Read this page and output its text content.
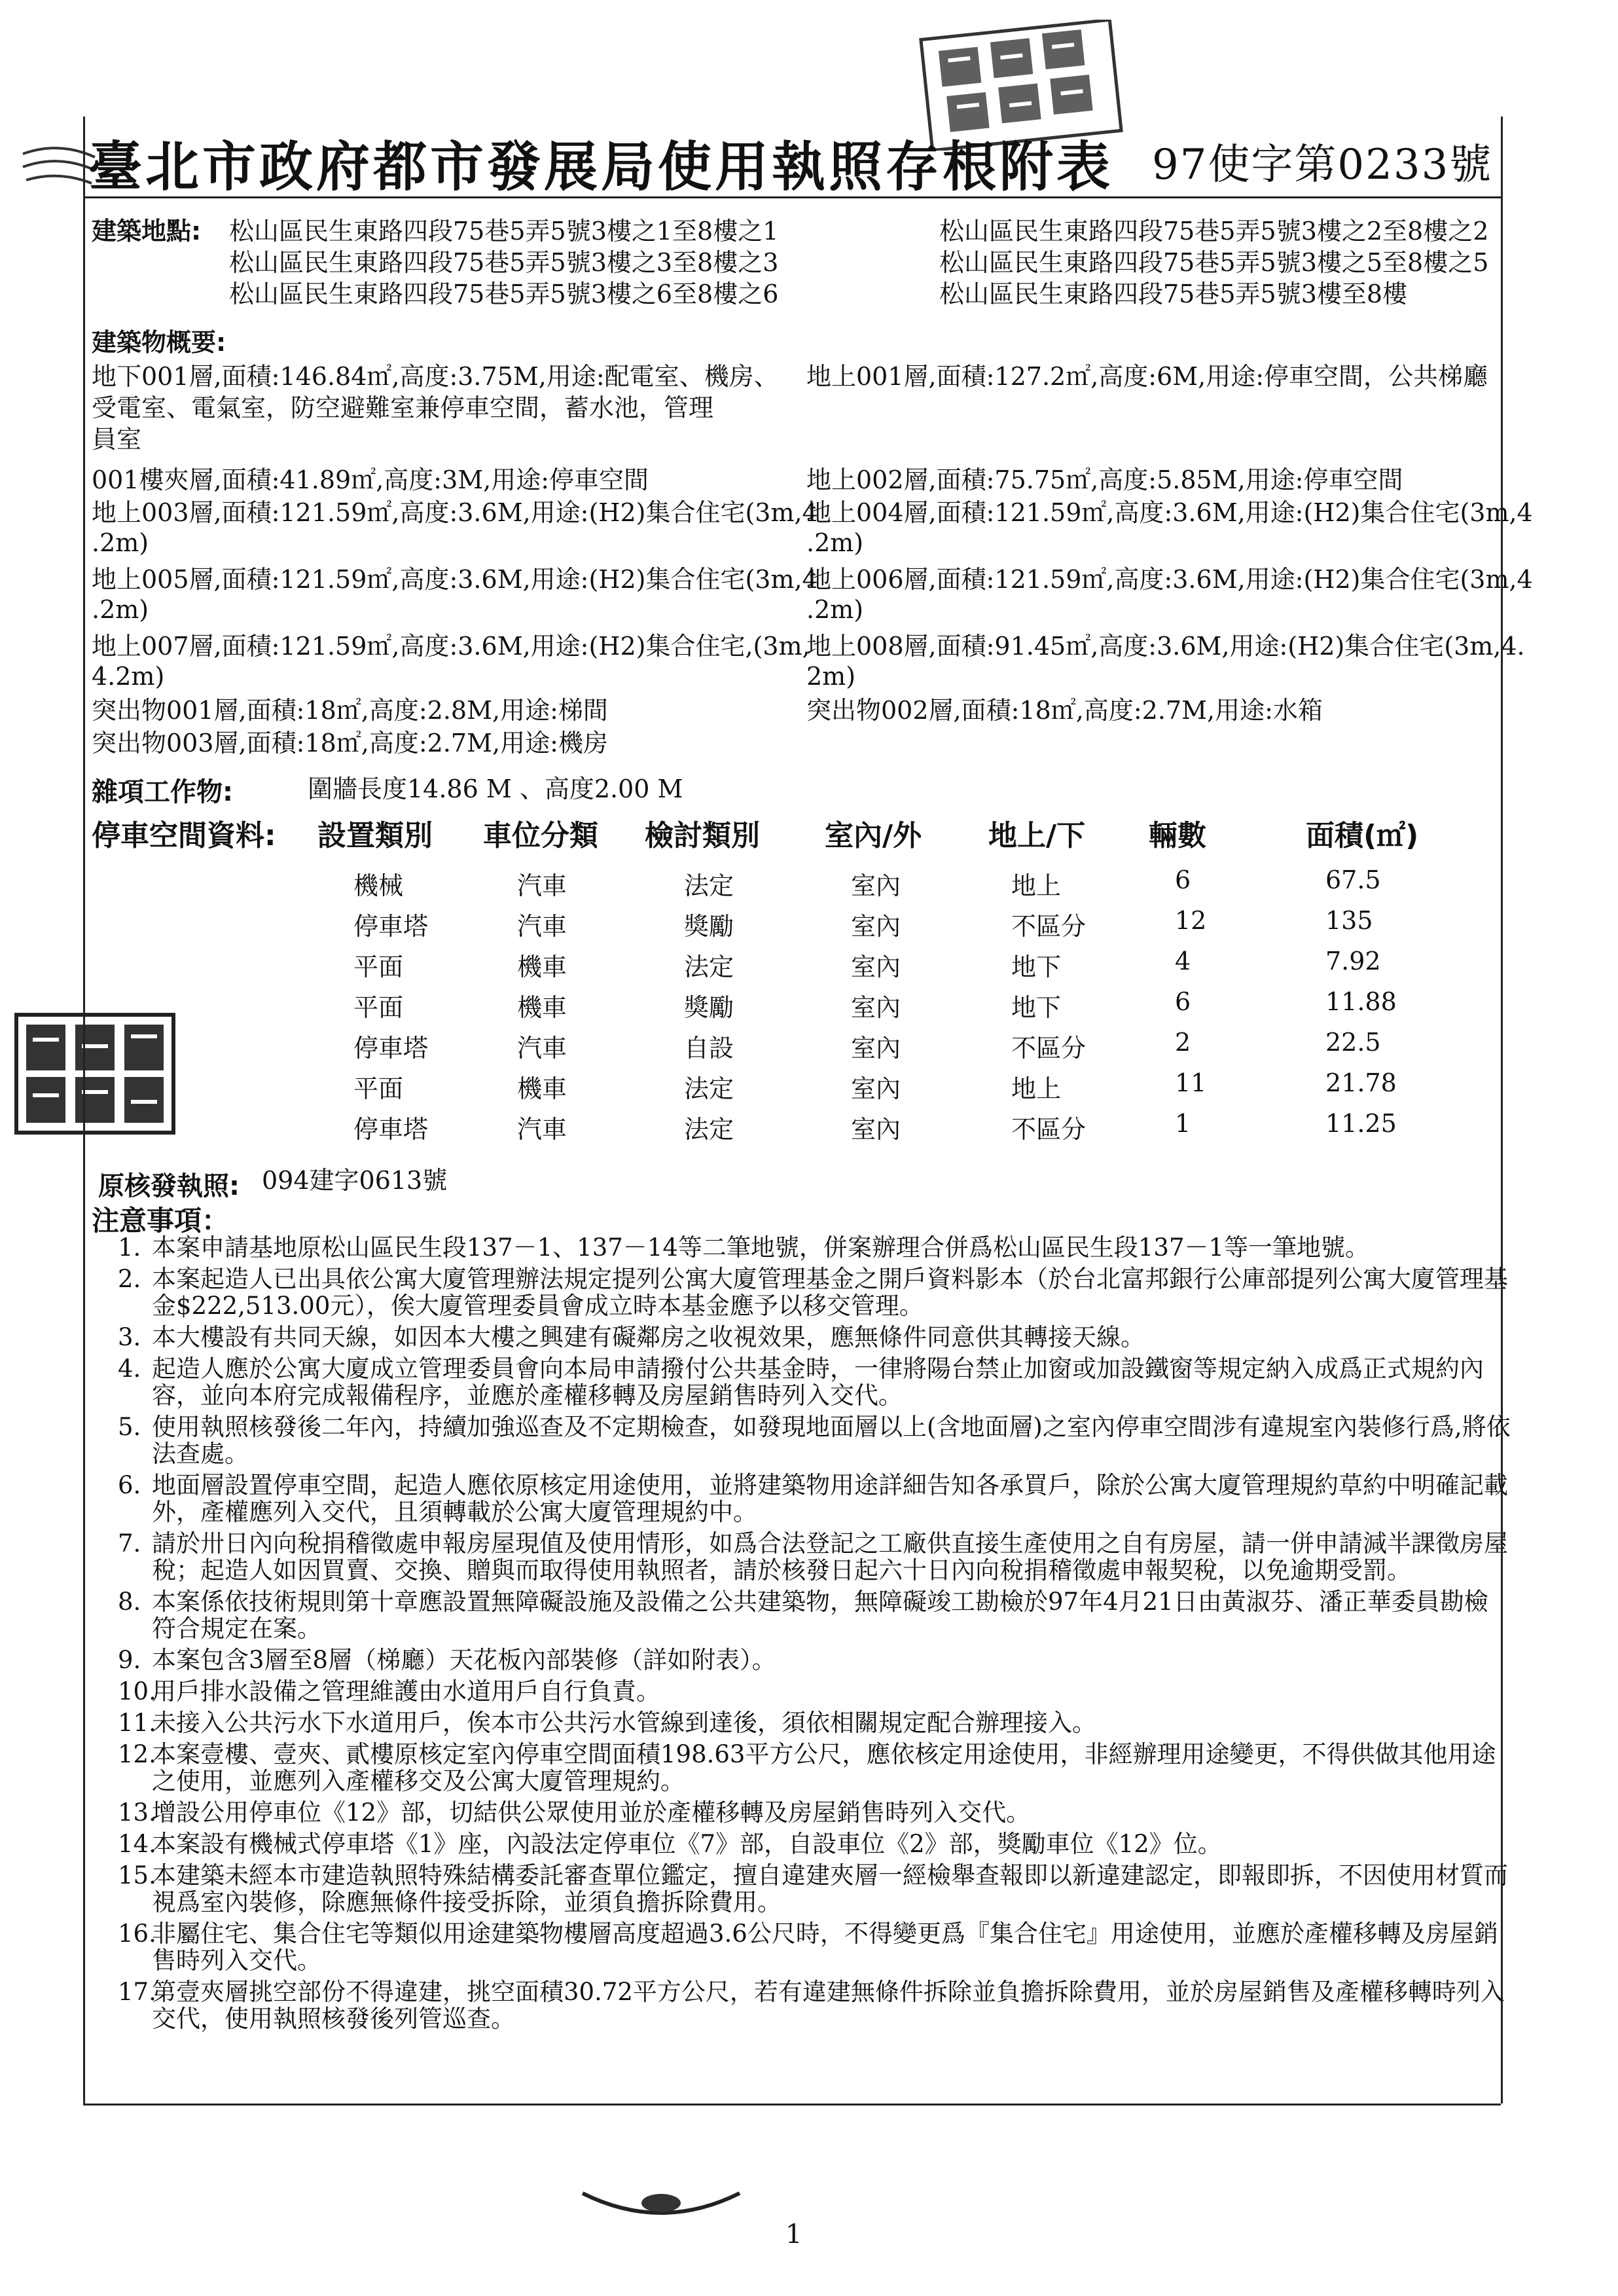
臺北市政府都市發展局使用執照存根附表 97使字第0233號
建築地點: 松山區民生東路四段75巷5弄5號3樓之1至8樓之1	松山區民生東路四段75巷5弄5號3樓之2至8樓之2
松山區民生東路四段75巷5弄5號3樓之3至8樓之3	松山區民生東路四段75巷5弄5號3樓之5至8樓之5
松山區民生東路四段75巷5弄5號3樓之6至8樓之6	松山區民生東路四段75巷5弄5號3樓至8樓
建築物概要:
地下001層,面積:146.84㎡,高度:3.75M,用途:配電室、機房、
受電室、電氣室，防空避難室兼停車空間，蓄水池，管理
員室
001樓夾層,面積:41.89㎡,高度:3M,用途:停車空間
地上003層,面積:121.59㎡,高度:3.6M,用途:(H2)集合住宅(3m,4
.2m)
地上005層,面積:121.59㎡,高度:3.6M,用途:(H2)集合住宅(3m,4
.2m)
地上007層,面積:121.59㎡,高度:3.6M,用途:(H2)集合住宅,(3m,
4.2m)
突出物001層,面積:18㎡,高度:2.8M,用途:梯間
突出物003層,面積:18㎡,高度:2.7M,用途:機房
地上001層,面積:127.2㎡,高度:6M,用途:停車空間，公共梯廳
地上002層,面積:75.75㎡,高度:5.85M,用途:停車空間
地上004層,面積:121.59㎡,高度:3.6M,用途:(H2)集合住宅(3m,4
.2m)
地上006層,面積:121.59㎡,高度:3.6M,用途:(H2)集合住宅(3m,4
.2m)
地上008層,面積:91.45㎡,高度:3.6M,用途:(H2)集合住宅(3m,4.
2m)
突出物002層,面積:18㎡,高度:2.7M,用途:水箱
雜項工作物:	圍牆長度14.86 M 、高度2.00 M
停車空間資料: 設置類別 車位分類 檢討類別 室內/外 地上/下 輛數	面積(㎡)
機械	汽車	法定	室內	地上	6	67.5
停車塔	汽車	獎勵	室內	不區分	12	135
平面	機車	法定	室內	地下	4	7.92
平面	機車	獎勵	室內	地下	6	11.88
停車塔	汽車	自設	室內	不區分	2	22.5
平面	機車	法定	室內	地上	11	21.78
停車塔	汽車	法定	室內	不區分	1	11.25
原核發執照: 094建字0613號
注意事項：
1. 本案申請基地原松山區民生段137－1、137－14等二筆地號，併案辦理合併爲松山區民生段137－1等一筆地號。
2. 本案起造人已出具依公寓大廈管理辦法規定提列公寓大廈管理基金之開戶資料影本（於台北富邦銀行公庫部提列公寓大廈管理基金$222,513.00元），俟大廈管理委員會成立時本基金應予以移交管理。
3. 本大樓設有共同天線，如因本大樓之興建有礙鄰房之收視效果，應無條件同意供其轉接天線。
4. 起造人應於公寓大廈成立管理委員會向本局申請撥付公共基金時，一律將陽台禁止加窗或加設鐵窗等規定納入成爲正式規約內容，並向本府完成報備程序，並應於產權移轉及房屋銷售時列入交代。
5. 使用執照核發後二年內，持續加強巡查及不定期檢查，如發現地面層以上(含地面層)之室內停車空間涉有違規室內裝修行爲,將依法查處。
6. 地面層設置停車空間，起造人應依原核定用途使用，並將建築物用途詳細告知各承買戶，除於公寓大廈管理規約草約中明確記載外，產權應列入交代，且須轉載於公寓大廈管理規約中。
7. 請於卅日內向稅捐稽徵處申報房屋現值及使用情形，如爲合法登記之工廠供直接生產使用之自有房屋，請一併申請減半課徵房屋稅；起造人如因買賣、交換、贈與而取得使用執照者，請於核發日起六十日內向稅捐稽徵處申報契稅，以免逾期受罰。
8. 本案係依技術規則第十章應設置無障礙設施及設備之公共建築物，無障礙竣工勘檢於97年4月21日由黃淑芬、潘正華委員勘檢符合規定在案。
9. 本案包含3層至8層（梯廳）天花板內部裝修（詳如附表）。
10.
用戶排水設備之管理維護由水道用戶自行負責。
11.
未接入公共污水下水道用戶，俟本市公共污水管線到達後，須依相關規定配合辦理接入。
12.
本案壹樓、壹夾、貳樓原核定室內停車空間面積198.63平方公尺，應依核定用途使用，非經辦理用途變更，不得供做其他用途之使用，並應列入產權移交及公寓大廈管理規約。
13.
增設公用停車位《12》部，切結供公眾使用並於產權移轉及房屋銷售時列入交代。
14.
本案設有機械式停車塔《1》座，內設法定停車位《7》部，自設車位《2》部，獎勵車位《12》位。
15.
本建築未經本市建造執照特殊結構委託審查單位鑑定，擅自違建夾層一經檢舉查報即以新違建認定，即報即拆，不因使用材質而視爲室內裝修，除應無條件接受拆除，並須負擔拆除費用。
16.
非屬住宅、集合住宅等類似用途建築物樓層高度超過3.6公尺時，不得變更爲『集合住宅』用途使用，並應於產權移轉及房屋銷售時列入交代。
17.
第壹夾層挑空部份不得違建，挑空面積30.72平方公尺，若有違建無條件拆除並負擔拆除費用，並於房屋銷售及產權移轉時列入交代，使用執照核發後列管巡查。
1
